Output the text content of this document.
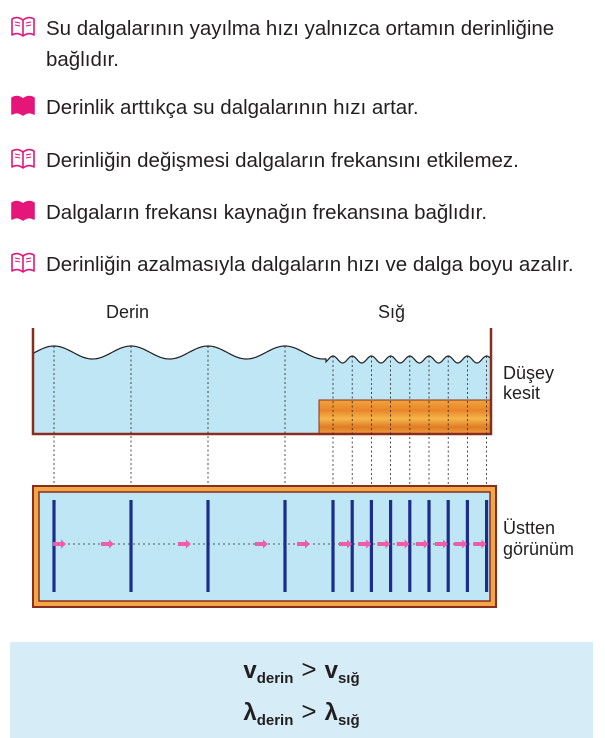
Su dalgalarının yayılma hızı yalnızca ortamın derinliğine bağlıdır.
Derinlik arttıkça su dalgalarının hızı artar.
Derinliğin değişmesi dalgaların frekansını etkilemez.
Dalgaların frekansı kaynağın frekansına bağlıdır.
Derinliğin azalmasıyla dalgaların hızı ve dalga boyu azalır.
Derin	Sığ
Düşey
kesit
Üstten
görünüm
$v_{derin} > v_{sığ}$
$\lambda_{derin} > \lambda_{sığ}$
